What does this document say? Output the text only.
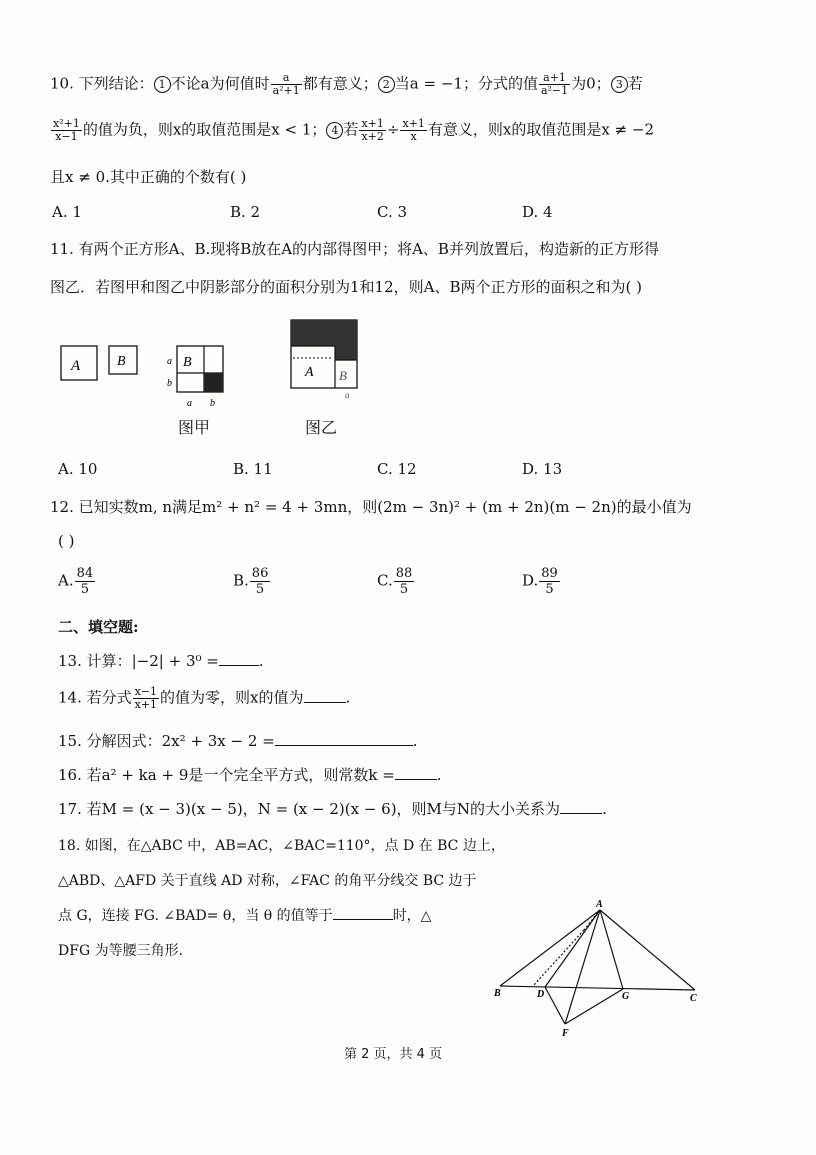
10. 下列结论： 1 不论a为何值时 $\frac{a}{\text{a²+1}}$ 都有意义； 2 当a = −1；分式的值 $\frac{a+1}{\text{a²−1}}$ 为0； 3 若
$\frac{\text{x²+1}}{x-1}$ 的值为负，则x的取值范围是x < 1； 4 若 $\frac{x+1}{x+2} \div \frac{x+1}{x}$ 有意义，则x的取值范围是x ≠ −2
且x ≠ 0.其中正确的个数有( )
A. 1	B. 2	C. 3	D. 4
11. 有两个正方形A、B.现将B放在A的内部得图甲；将A、B并列放置后，构造新的正方形得
图乙．若图甲和图乙中阴影部分的面积分别为1和12，则A、B两个正方形的面积之和为( )
A	B	B
a
b
a b
A B
a
图甲	图乙
A. 10	B. 11	C. 12	D. 13
12. 已知实数m, n满足m² + n² = 4 + 3mn，则(2m − 3n)² + (m + 2n)(m − 2n)的最小值为
( )
A. $\frac{84}{5}$	B. $\frac{86}{5}$	C. $\frac{88}{5}$	D. $\frac{89}{5}$
二、填空题:
13. 计算：|−2| + 3⁰ =	.
14. 若分式 $\frac{x-1}{x+1}$ 的值为零，则x的值为	.
15. 分解因式：2x² + 3x − 2 =	.
16. 若a² + ka + 9是一个完全平方式，则常数k =	.
17. 若M = (x − 3)(x − 5)，N = (x − 2)(x − 6)，则M与N的大小关系为	.
18. 如图，在△ABC 中，AB=AC，∠BAC=110°，点 D 在 BC 边上，
△ABD、△AFD 关于直线 AD 对称，∠FAC 的角平分线交 BC 边于
点 G，连接 FG. ∠BAD= θ，当 θ 的值等于	时，△
DFG 为等腰三角形.
A
B	C
D
F
G
第 2 页，共 4 页
